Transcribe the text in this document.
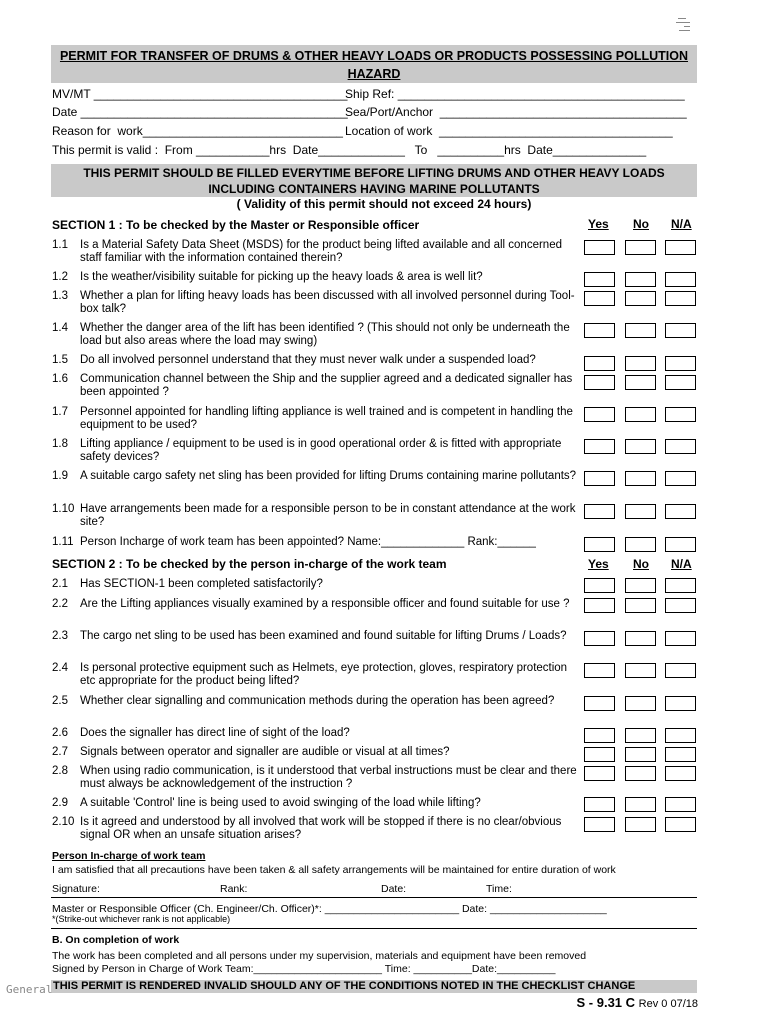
PERMIT FOR TRANSFER OF DRUMS & OTHER HEAVY LOADS OR PRODUCTS POSSESSING POLLUTION HAZARD
MV/MT ______________________________________
Ship Ref: ___________________________________________
Date ________________________________________
Sea/Port/Anchor  _____________________________________
Reason for  work______________________________ Location of work  ___________________________________
This permit is valid :  From ___________hrs  Date_____________   To   __________hrs  Date______________
THIS PERMIT SHOULD BE FILLED EVERYTIME BEFORE LIFTING DRUMS AND OTHER HEAVY LOADS
INCLUDING CONTAINERS HAVING MARINE POLLUTANTS
( Validity of this permit should not exceed 24 hours)
SECTION 1 : To be checked by the Master or Responsible officer	Yes No N/A
1.1 Is a Material Safety Data Sheet (MSDS) for the product being lifted available and all concerned staff familiar with the information contained therein?
1.2 Is the weather/visibility suitable for picking up the heavy loads & area is well lit?
1.3 Whether a plan for lifting heavy loads has been discussed with all involved personnel during Tool-box talk?
1.4 Whether the danger area of the lift has been identified ? (This should not only be underneath the load but also areas where the load may swing)
1.5 Do all involved personnel understand that they must never walk under a suspended load?
1.6 Communication channel between the Ship and the supplier agreed and a dedicated signaller has been appointed ?
1.7 Personnel appointed for handling lifting appliance is well trained and is competent in handling the equipment to be used?
1.8 Lifting appliance / equipment to be used is in good operational order & is fitted with appropriate safety devices?
1.9 A suitable cargo safety net sling has been provided for lifting Drums containing marine pollutants?
1.10 Have arrangements been made for a responsible person to be in constant attendance at the work site?
1.11 Person Incharge of work team has been appointed? Name:_____________ Rank:______
SECTION 2 : To be checked by the person in-charge of the work team	Yes No N/A
2.1 Has SECTION-1 been completed satisfactorily?
2.2 Are the Lifting appliances visually examined by a responsible officer and found suitable for use ?
2.3 The cargo net sling to be used has been examined and found suitable for lifting Drums / Loads?
2.4 Is personal protective equipment such as Helmets, eye protection, gloves, respiratory protection etc appropriate for the product being lifted?
2.5 Whether clear signalling and communication methods during the operation has been agreed?
2.6 Does the signaller has direct line of sight of the load?
2.7 Signals between operator and signaller are audible or visual at all times?
2.8 When using radio communication, is it understood that verbal instructions must be clear and there must always be acknowledgement of the instruction ?
2.9 A suitable 'Control' line is being used to avoid swinging of the load while lifting?
2.10 Is it agreed and understood by all involved that work will be stopped if there is no clear/obvious signal OR when an unsafe situation arises?
Person In-charge of work team
I am satisfied that all precautions have been taken & all safety arrangements will be maintained for entire duration of work
Signature:	Rank:	Date:	Time:
Master or Responsible Officer (Ch. Engineer/Ch. Officer)*: _______________________ Date: ____________________
*(Strike-out whichever rank is not applicable)
B. On completion of work
The work has been completed and all persons under my supervision, materials and equipment have been removed
Signed by Person in Charge of Work Team:______________________ Time: __________Date:__________
THIS PERMIT IS RENDERED INVALID SHOULD ANY OF THE CONDITIONS NOTED IN THE CHECKLIST CHANGE
General
S - 9.31 C Rev 0 07/18
